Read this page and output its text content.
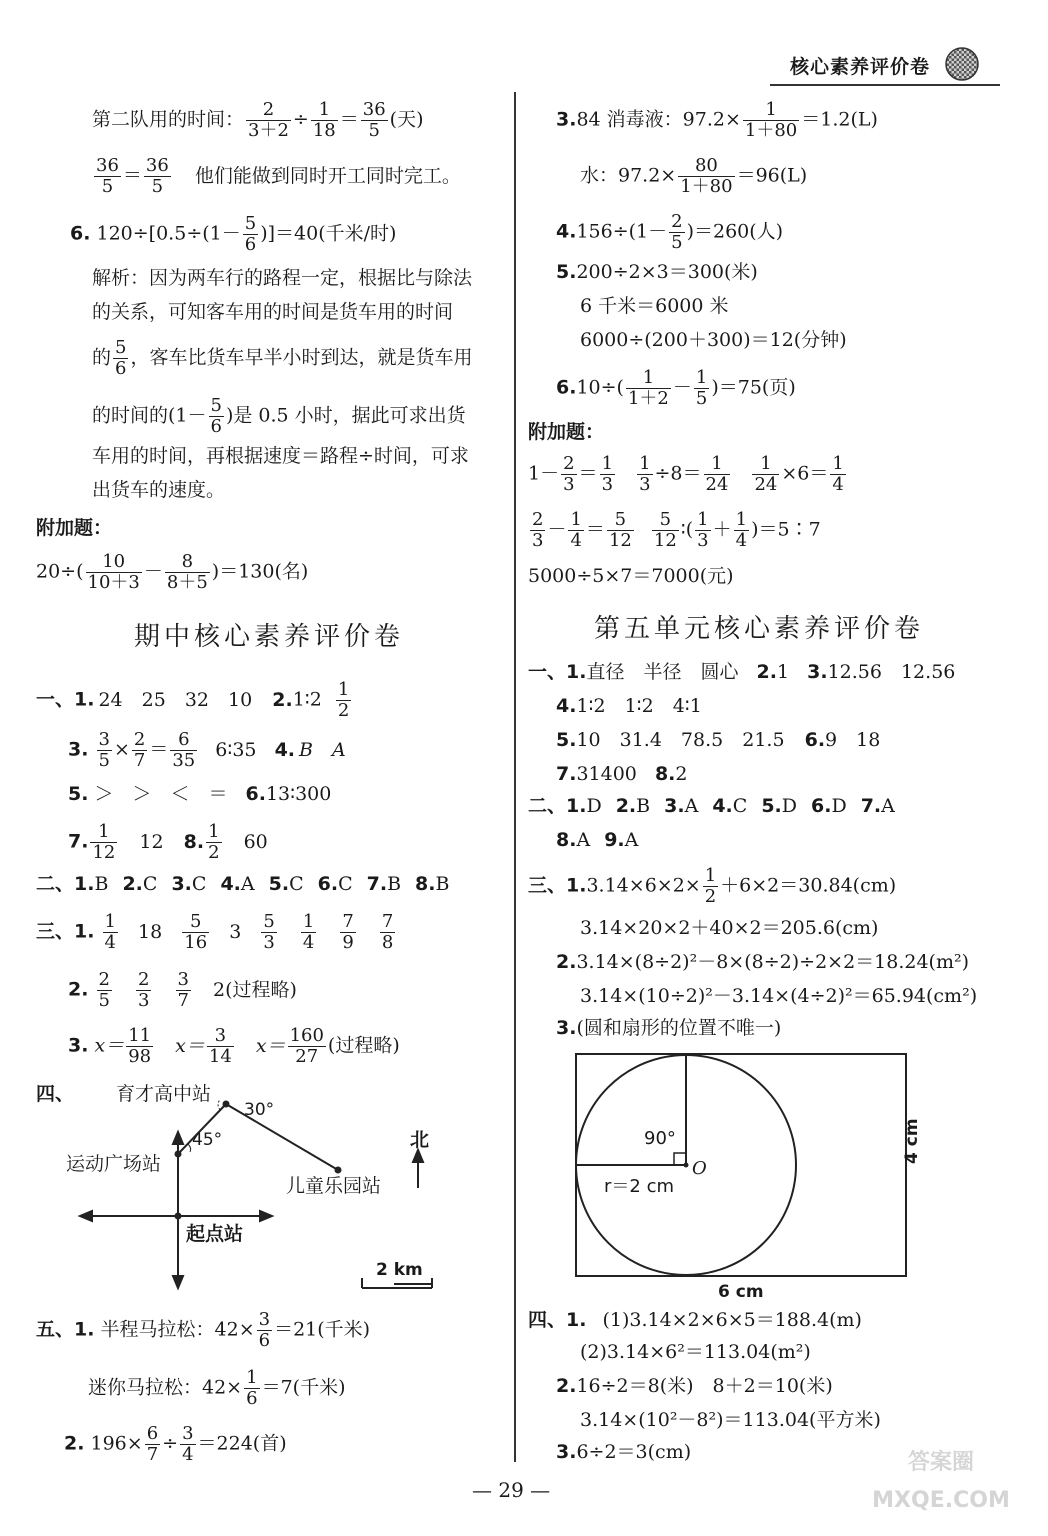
核心素养评价卷
第二队用的时间： $\frac{2}{3+2} \div \frac{1}{18} = \frac{36}{5}$ (天)
$\frac{36}{5} = \frac{36}{5}$ 他们能做到同时开工同时完工。
6. $120\div[0.5\div(1- \frac{5}{6} )]=40$(千米/时)
解析：因为两车行的路程一定，根据比与除法
的关系，可知客车用的时间是货车用的时间
的 $\frac{5}{6}$ ，客车比货车早半小时到达，就是货车用
的时间的($1- \frac{5}{6}$ )是 0.5 小时，据此可求出货
车用的时间，再根据速度＝路程÷时间，可求
出货车的速度。
附加题：
$20\div( \frac{10}{10+3} - \frac{8}{8+5} )=130$(名)
期中核心素养评价卷
一、1. 24　25　32　10 2.1∶2 $\frac{1}{2}$
3. $\frac{3}{5} \times \frac{2}{7} = \frac{6}{35}$ 6∶35 4. B　A
5. ＞　＞　＜　＝ 6.13∶300
7. $\frac{1}{12} 12$ 8. $\frac{1}{2} 60$
二、1.B 2.C 3.C 4.A 5.C 6.C 7.B 8.B
三、1. $\frac{1}{4} 18 \frac{5}{16} 3 \frac{5}{3}$
$\frac{1}{4}$
$\frac{7}{9}$
$\frac{7}{8}$
2. $\frac{2}{5}$
$\frac{2}{3}$
$\frac{3}{7} 2$(过程略)
3. $x= \frac{11}{98} x= \frac{3}{14} x= \frac{160}{27}$ (过程略)
四、 育才高中站
30°
45°
运动广场站
儿童乐园站
北
起点站
2 km
五、1. 半程马拉松：$42\times \frac{3}{6} =21$(千米)
迷你马拉松：$42\times \frac{1}{6} =7$(千米)
2. $196\times \frac{6}{7} \div \frac{3}{4} =224$(首)
3.84 消毒液：$97.2\times \frac{1}{1+80} =1.2(L)$
水：$97.2\times \frac{80}{1+80} =96(L)$
$4.156\div(1- \frac{2}{5} )=260$(人)
5.200÷2×3＝300(米)
6 千米＝6000 米
6000÷(200＋300)＝12(分钟)
$6.10\div( \frac{1}{1+2} - \frac{1}{5} )=75$(页)
附加题：
$1- \frac{2}{3} = \frac{1}{3}$
$\frac{1}{3} \div 8= \frac{1}{24}$
$\frac{1}{24} \times 6= \frac{1}{4}$
$\frac{2}{3} - \frac{1}{4} = \frac{5}{12}$
$\frac{5}{12}$ ∶( $\frac{1}{3} + \frac{1}{4}$ )＝5∶7
5000÷5×7＝7000(元)
第五单元核心素养评价卷
一、1.直径　半径　圆心 2.1 3.12.56　12.56
4.1∶2　1∶2　4∶1
5.10　31.4　78.5　21.5 6.9　18
7.31400 8.2
二、1.D 2.B 3.A 4.C 5.D 6.D 7.A
8.A 9.A
三、$1.3.14\times 6\times 2\times \frac{1}{2} +6\times 2=30.84(cm)$
3.14×20×2＋40×2＝205.6(cm)
2.3.14×(8÷2)²－8×(8÷2)÷2×2＝18.24(m²)
3.14×(10÷2)²－3.14×(4÷2)²＝65.94(cm²)
3.(圆和扇形的位置不唯一)
90°
O
r＝2 cm
4 cm
6 cm
四、1. (1)3.14×2×6×5＝188.4(m)
(2)3.14×6²＝113.04(m²)
2.16÷2＝8(米)　8＋2＝10(米)
3.14×(10²－8²)＝113.04(平方米)
3.6÷2＝3(cm)
— 29 —
答案圈 MXQE.COM
